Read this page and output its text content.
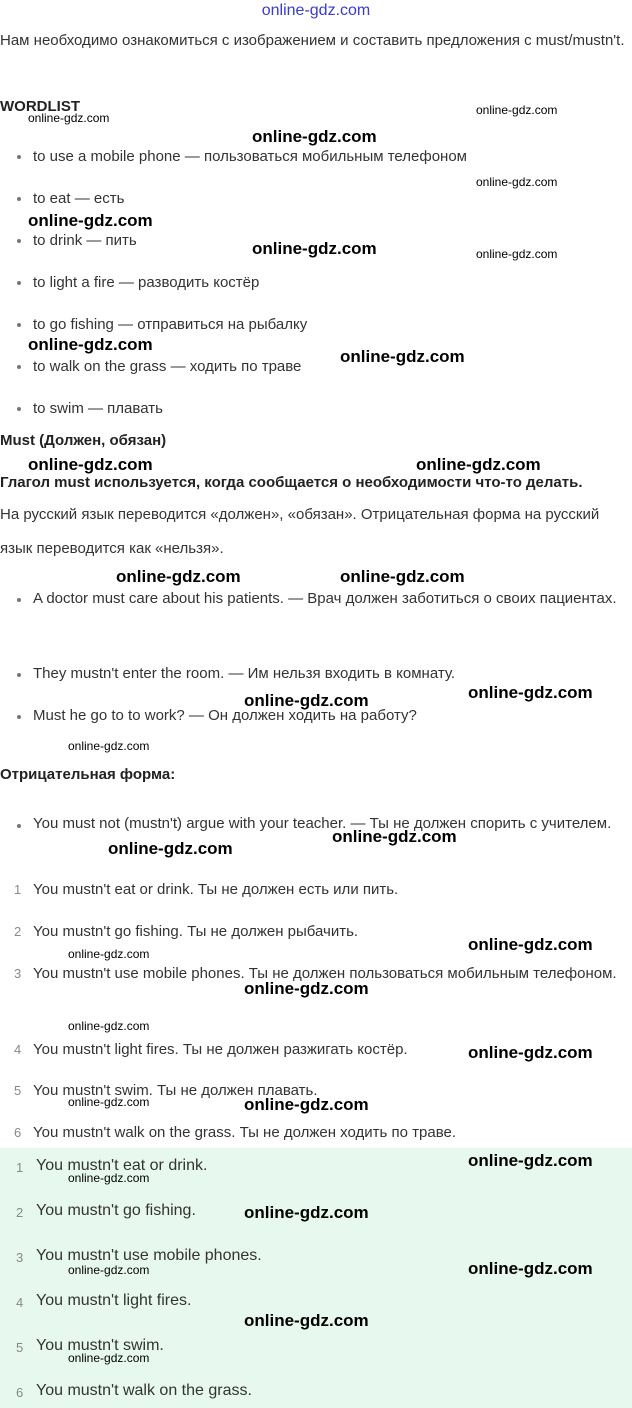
online-gdz.com
Нам необходимо ознакомиться с изображением и составить предложения с must/mustn't.
WORDLIST
to use a mobile phone — пользоваться мобильным телефоном
to eat — есть
to drink — пить
to light a fire — разводить костёр
to go fishing — отправиться на рыбалку
to walk on the grass — ходить по траве
to swim — плавать
Must (Должен, обязан)
Глагол must используется, когда сообщается о необходимости что-то делать.
На русский язык переводится «должен», «обязан». Отрицательная форма на русский язык переводится как «нельзя».
A doctor must care about his patients. — Врач должен заботиться о своих пациентах.
They mustn't enter the room. — Им нельзя входить в комнату.
Must he go to to work? — Он должен ходить на работу?
Отрицательная форма:
You must not (mustn't) argue with your teacher. — Ты не должен спорить с учителем.
1 You mustn't eat or drink. Ты не должен есть или пить.
2 You mustn't go fishing. Ты не должен рыбачить.
3 You mustn't use mobile phones. Ты не должен пользоваться мобильным телефоном.
4 You mustn't light fires. Ты не должен разжигать костёр.
5 You mustn't swim. Ты не должен плавать.
6 You mustn't walk on the grass. Ты не должен ходить по траве.
1 You mustn't eat or drink.
2 You mustn't go fishing.
3 You mustn't use mobile phones.
4 You mustn't light fires.
5 You mustn't swim.
6 You mustn't walk on the grass.
online-gdz.com
online-gdz.com
online-gdz.com
online-gdz.com
online-gdz.com
online-gdz.com	online-gdz.com
online-gdz.com
online-gdz.com
online-gdz.com	online-gdz.com
online-gdz.com	online-gdz.com
online-gdz.com
online-gdz.com
online-gdz.com
online-gdz.com
online-gdz.com
online-gdz.com
online-gdz.com
online-gdz.com
online-gdz.com
online-gdz.com
online-gdz.com	online-gdz.com
online-gdz.com
online-gdz.com
online-gdz.com
online-gdz.com
online-gdz.com
online-gdz.com
online-gdz.com
